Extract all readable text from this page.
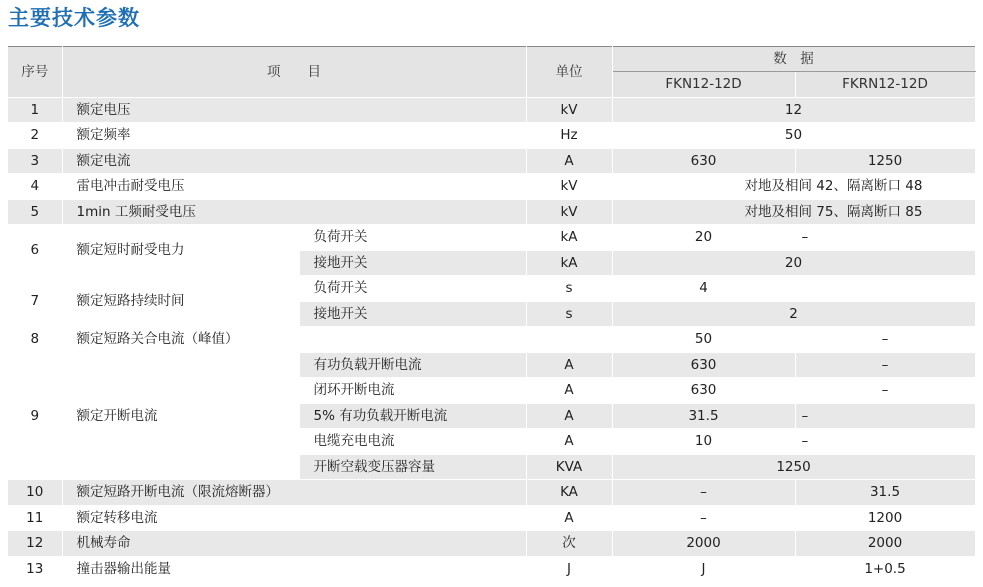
主要技术参数
序号	项　　目		单位	数　据	
				FKN12-12D	FKRN12-12D
1	额定电压		kV	12	
2	额定频率		Hz	50	
3	额定电流		A	630	1250
4	雷电冲击耐受电压		kV	对地及相间 42、隔离断口 48	
5	1min 工频耐受电压		kV	对地及相间 75、隔离断口 85	
6	额定短时耐受电力	负荷开关	kA	20	–
		接地开关	kA	20	
7	额定短路持续时间	负荷开关	s	4	
		接地开关	s	2	
8	额定短路关合电流（峰值）			50	–
9	额定开断电流	有功负载开断电流	A	630	–
		闭环开断电流	A	630	–
		5% 有功负载开断电流	A	31.5	–
		电缆充电电流	A	10	–
		开断空载变压器容量	KVA	1250	
10	额定短路开断电流（限流熔断器）		KA	–	31.5
11	额定转移电流		A	–	1200
12	机械寿命		次	2000	2000
13	撞击器输出能量		J	J	1+0.5
